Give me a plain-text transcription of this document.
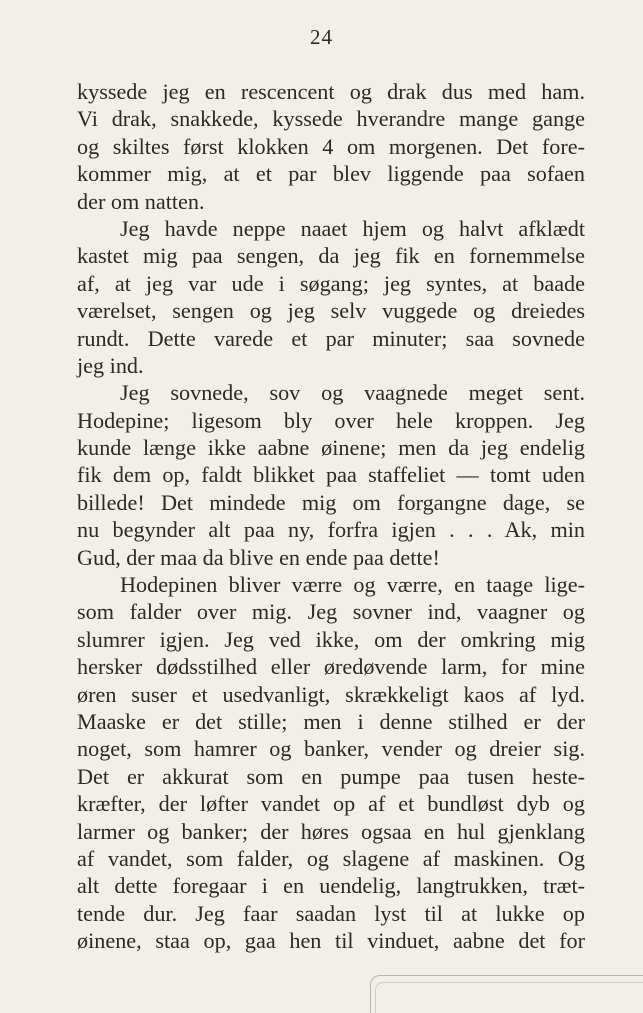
24
kyssede jeg en rescencent og drak dus med ham.
Vi drak, snakkede, kyssede hverandre mange gange
og skiltes først klokken 4 om morgenen. Det fore-
kommer mig, at et par blev liggende paa sofaen
der om natten.
Jeg havde neppe naaet hjem og halvt afklædt
kastet mig paa sengen, da jeg fik en fornemmelse
af, at jeg var ude i søgang; jeg syntes, at baade
værelset, sengen og jeg selv vuggede og dreiedes
rundt. Dette varede et par minuter; saa sovnede
jeg ind.
Jeg sovnede, sov og vaagnede meget sent.
Hodepine; ligesom bly over hele kroppen. Jeg
kunde længe ikke aabne øinene; men da jeg endelig
fik dem op, faldt blikket paa staffeliet — tomt uden
billede! Det mindede mig om forgangne dage, se
nu begynder alt paa ny, forfra igjen . . . Ak, min
Gud, der maa da blive en ende paa dette!
Hodepinen bliver værre og værre, en taage lige-
som falder over mig. Jeg sovner ind, vaagner og
slumrer igjen. Jeg ved ikke, om der omkring mig
hersker dødsstilhed eller øredøvende larm, for mine
øren suser et usedvanligt, skrækkeligt kaos af lyd.
Maaske er det stille; men i denne stilhed er der
noget, som hamrer og banker, vender og dreier sig.
Det er akkurat som en pumpe paa tusen heste-
kræfter, der løfter vandet op af et bundløst dyb og
larmer og banker; der høres ogsaa en hul gjenklang
af vandet, som falder, og slagene af maskinen. Og
alt dette foregaar i en uendelig, langtrukken, træt-
tende dur. Jeg faar saadan lyst til at lukke op
øinene, staa op, gaa hen til vinduet, aabne det for
